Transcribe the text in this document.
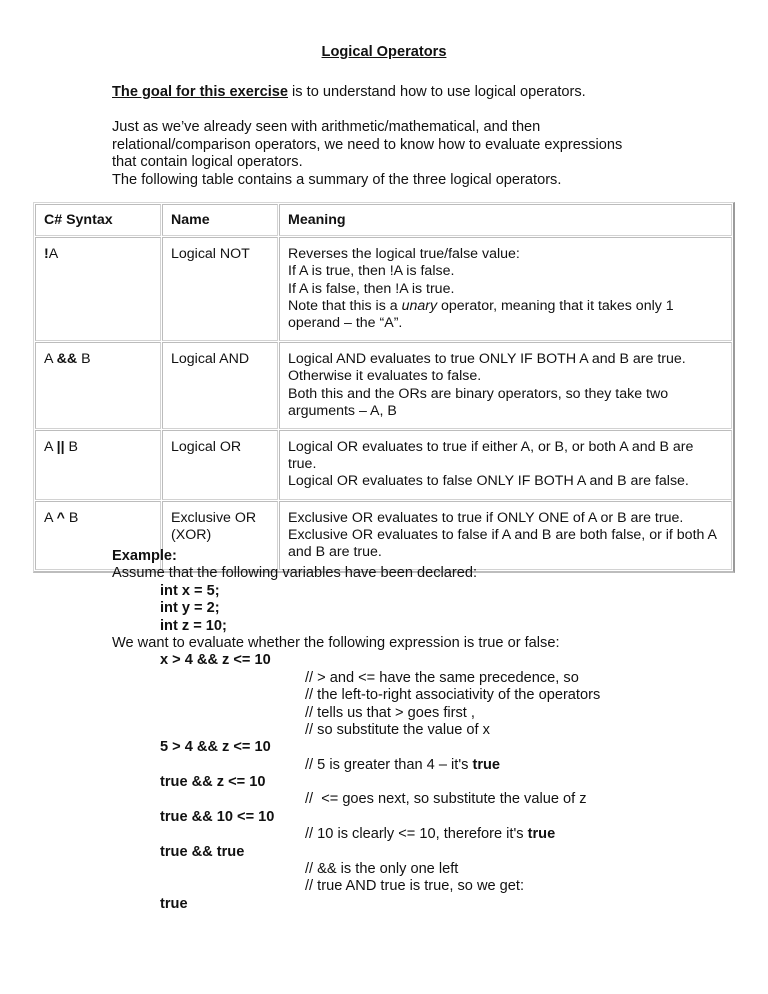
Logical Operators

The goal for this exercise is to understand how to use logical operators.

Just as we’ve already seen with arithmetic/mathematical, and then

relational/comparison operators, we need to know how to evaluate expressions

that contain logical operators.

The following table contains a summary of the three logical operators.

C# Syntax	Name	Meaning
!A	Logical NOT	Reverses the logical true/false value:
If A is true, then !A is false.
If A is false, then !A is true.
Note that this is a unary operator, meaning that it takes only 1 operand – the “A”.

A && B	Logical AND	Logical AND evaluates to true ONLY IF BOTH A and B are true.
Otherwise it evaluates to false.
Both this and the ORs are binary operators, so they take two arguments – A, B

A || B	Logical OR	Logical OR evaluates to true if either A, or B, or both A and B are true.
Logical OR evaluates to false ONLY IF BOTH A and B are false.

A ^ B	Exclusive OR
(XOR)	Exclusive OR evaluates to true if ONLY ONE of A or B are true.
Exclusive OR evaluates to false if A and B are both false, or if both A and B are true.
Example:
Assume that the following variables have been declared:
int x = 5;
int y = 2;
int z = 10;
We want to evaluate whether the following expression is true or false:
x > 4 && z <= 10
// > and <= have the same precedence, so
// the left-to-right associativity of the operators
// tells us that > goes first ,
// so substitute the value of x
5 > 4 && z <= 10
// 5 is greater than 4 – it's true
true && z <= 10
//  <= goes next, so substitute the value of z
true && 10 <= 10
// 10 is clearly <= 10, therefore it's true
true && true
// && is the only one left
// true AND true is true, so we get:
true
